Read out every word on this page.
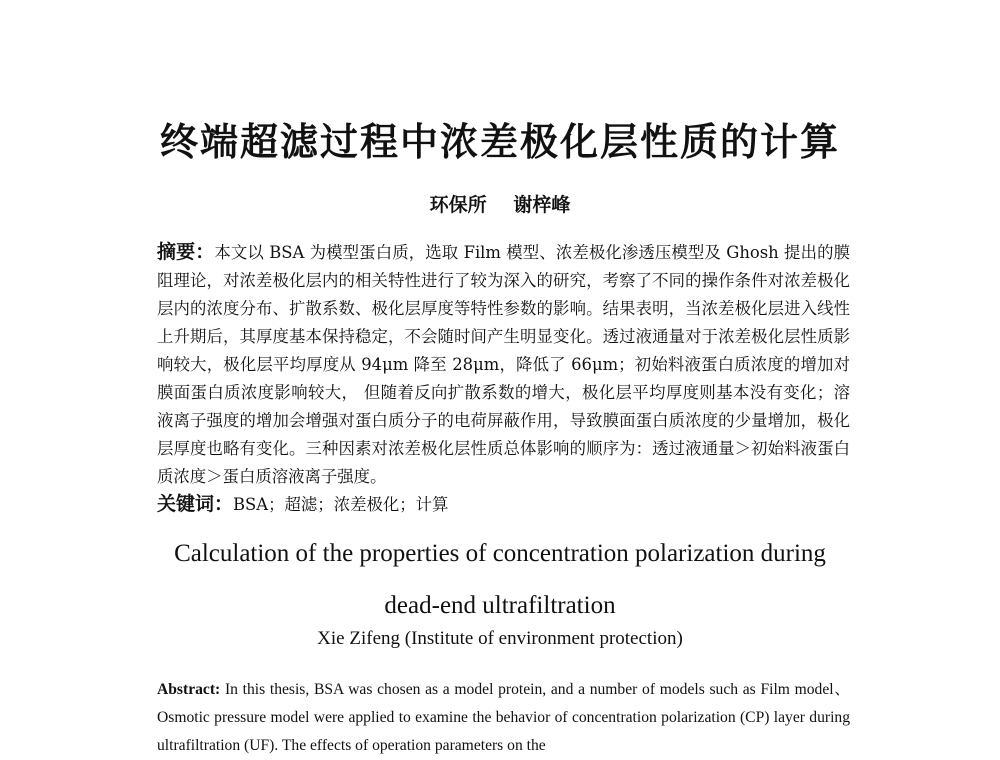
终端超滤过程中浓差极化层性质的计算
环保所 谢梓峰

摘要：本文以 BSA 为模型蛋白质，选取 Film 模型、浓差极化渗透压模型及 Ghosh 提出的膜阻理论，对浓差极化层内的相关特性进行了较为深入的研究，考察了不同的操作条件对浓差极化层内的浓度分布、扩散系数、极化层厚度等特性参数的影响。结果表明，当浓差极化层进入线性上升期后，其厚度基本保持稳定，不会随时间产生明显变化。透过液通量对于浓差极化层性质影响较大，极化层平均厚度从 94μm 降至 28μm，降低了 66μm；初始料液蛋白质浓度的增加对膜面蛋白质浓度影响较大， 但随着反向扩散系数的增大，极化层平均厚度则基本没有变化；溶液离子强度的增加会增强对蛋白质分子的电荷屏蔽作用，导致膜面蛋白质浓度的少量增加，极化层厚度也略有变化。三种因素对浓差极化层性质总体影响的顺序为：透过液通量＞初始料液蛋白质浓度＞蛋白质溶液离子强度。

关键词：BSA；超滤；浓差极化；计算

Calculation of the properties of concentration polarization during
dead-end ultrafiltration
Xie Zifeng (Institute of environment protection)

Abstract: In this thesis, BSA was chosen as a model protein, and a number of models such as Film model、Osmotic pressure model were applied to examine the behavior of concentration polarization (CP) layer during ultrafiltration (UF). The effects of operation parameters on the
